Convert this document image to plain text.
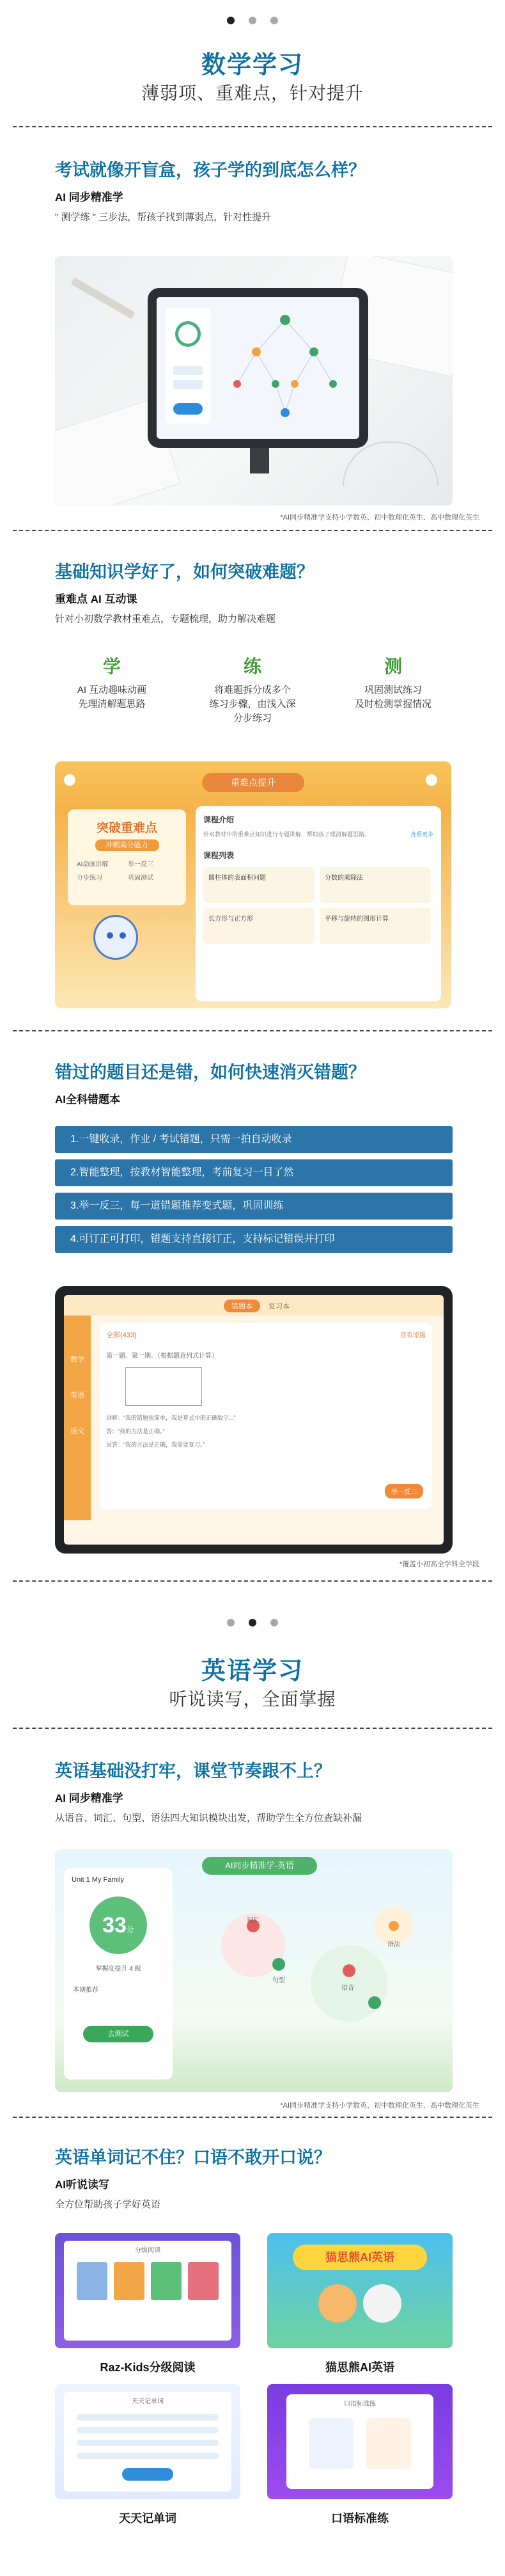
数学学习
薄弱项、重难点，针对提升
考试就像开盲盒，孩子学的到底怎么样？
AI 同步精准学
" 测学练 " 三步法，帮孩子找到薄弱点，针对性提升
*AI同步精准学支持小学数英、初中数理化英生、高中数理化英生
基础知识学好了，如何突破难题？
重难点 AI 互动课
针对小初数学教材重难点，专题梳理，助力解决难题
学
AI 互动趣味动画
先理清解题思路
练
将难题拆分成多个
练习步骤，由浅入深
分步练习
测
巩固测试练习
及时检测掌握情况
重难点提升
突破重难点
冲刺高分能力
AI动画讲解	举一反三
分步练习	巩固测试
课程介绍
针对教材中的重难点知识进行专题讲解，帮助孩子理清解题思路。	查看更多
课程列表
圆柱体的表面积问题	分数的乘除法
长方形与正方形	平移与旋转的图形计算
错过的题目还是错，如何快速消灭错题？
AI全科错题本
1.一键收录，作业 / 考试错题，只需一拍自动收录
2.智能整理，按教材智能整理，考前复习一目了然
3.举一反三，每一道错题推荐变式题，巩固训练
4.可订正可打印，错题支持直接订正，支持标记错误并打印
错题本	复习本
数学
英语
语文
全部(433)	查看原题
第一题。第一期。（根据题意列式计算）
讲解：“我的错题很简单，我是算式中的正确数字...”
答：“我的方法是正确。”
回答：“我的方法是正确，我需要复习。”
举一反三
*覆盖小初高全学科全学段
英语学习
听说读写，全面掌握
英语基础没打牢，课堂节奏跟不上？
AI 同步精准学
从语音、词汇、句型、语法四大知识模块出发，帮助学生全方位查缺补漏
AI同步精准学-英语
Unit 1 My Family
33分
掌握度提升 4 级
本期推荐
去测试
词汇
句型
语音
语法
*AI同步精准学支持小学数英、初中数理化英生、高中数理化英生
英语单词记不住？口语不敢开口说？
AI听说读写
全方位帮助孩子学好英语
分级阅读
Raz-Kids分级阅读
猫思熊AI英语
猫思熊AI英语
天天记单词
天天记单词
口语标准练
口语标准练
